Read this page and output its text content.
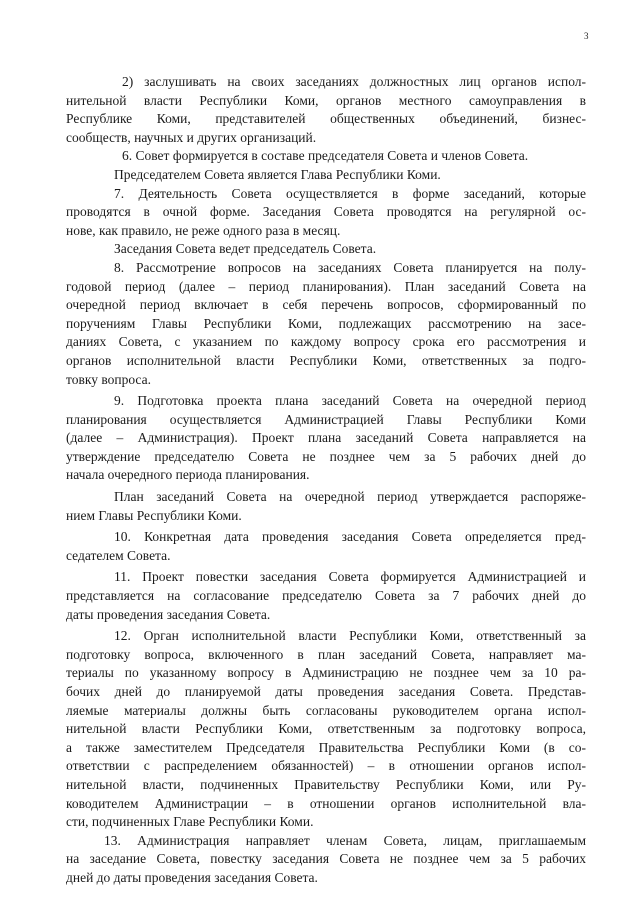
3
2) заслушивать на своих заседаниях должностных лиц органов испол-
нительной власти Республики Коми, органов местного самоуправления в
Республике Коми, представителей общественных объединений, бизнес-
сообществ, научных и других организаций.
6. Совет формируется в составе председателя Совета и членов Совета.
Председателем Совета является Глава Республики Коми.
7. Деятельность Совета осуществляется в форме заседаний, которые
проводятся в очной форме. Заседания Совета проводятся на регулярной ос-
нове, как правило, не реже одного раза в месяц.
Заседания Совета ведет председатель Совета.
8. Рассмотрение вопросов на заседаниях Совета планируется на полу-
годовой период (далее – период планирования). План заседаний Совета на
очередной период включает в себя перечень вопросов, сформированный по
поручениям Главы Республики Коми, подлежащих рассмотрению на засе-
даниях Совета, с указанием по каждому вопросу срока его рассмотрения и
органов исполнительной власти Республики Коми, ответственных за подго-
товку вопроса.
9. Подготовка проекта плана заседаний Совета на очередной период
планирования осуществляется Администрацией Главы Республики Коми
(далее – Администрация). Проект плана заседаний Совета направляется на
утверждение председателю Совета не позднее чем за 5 рабочих дней до
начала очередного периода планирования.
План заседаний Совета на очередной период утверждается распоряже-
нием Главы Республики Коми.
10. Конкретная дата проведения заседания Совета определяется пред-
седателем Совета.
11. Проект повестки заседания Совета формируется Администрацией и
представляется на согласование председателю Совета за 7 рабочих дней до
даты проведения заседания Совета.
12. Орган исполнительной власти Республики Коми, ответственный за
подготовку вопроса, включенного в план заседаний Совета, направляет ма-
териалы по указанному вопросу в Администрацию не позднее чем за 10 ра-
бочих дней до планируемой даты проведения заседания Совета. Представ-
ляемые материалы должны быть согласованы руководителем органа испол-
нительной власти Республики Коми, ответственным за подготовку вопроса,
а также заместителем Председателя Правительства Республики Коми (в со-
ответствии с распределением обязанностей) – в отношении органов испол-
нительной власти, подчиненных Правительству Республики Коми, или Ру-
ководителем Администрации – в отношении органов исполнительной вла-
сти, подчиненных Главе Республики Коми.
13. Администрация направляет членам Совета, лицам, приглашаемым
на заседание Совета, повестку заседания Совета не позднее чем за 5 рабочих
дней до даты проведения заседания Совета.
